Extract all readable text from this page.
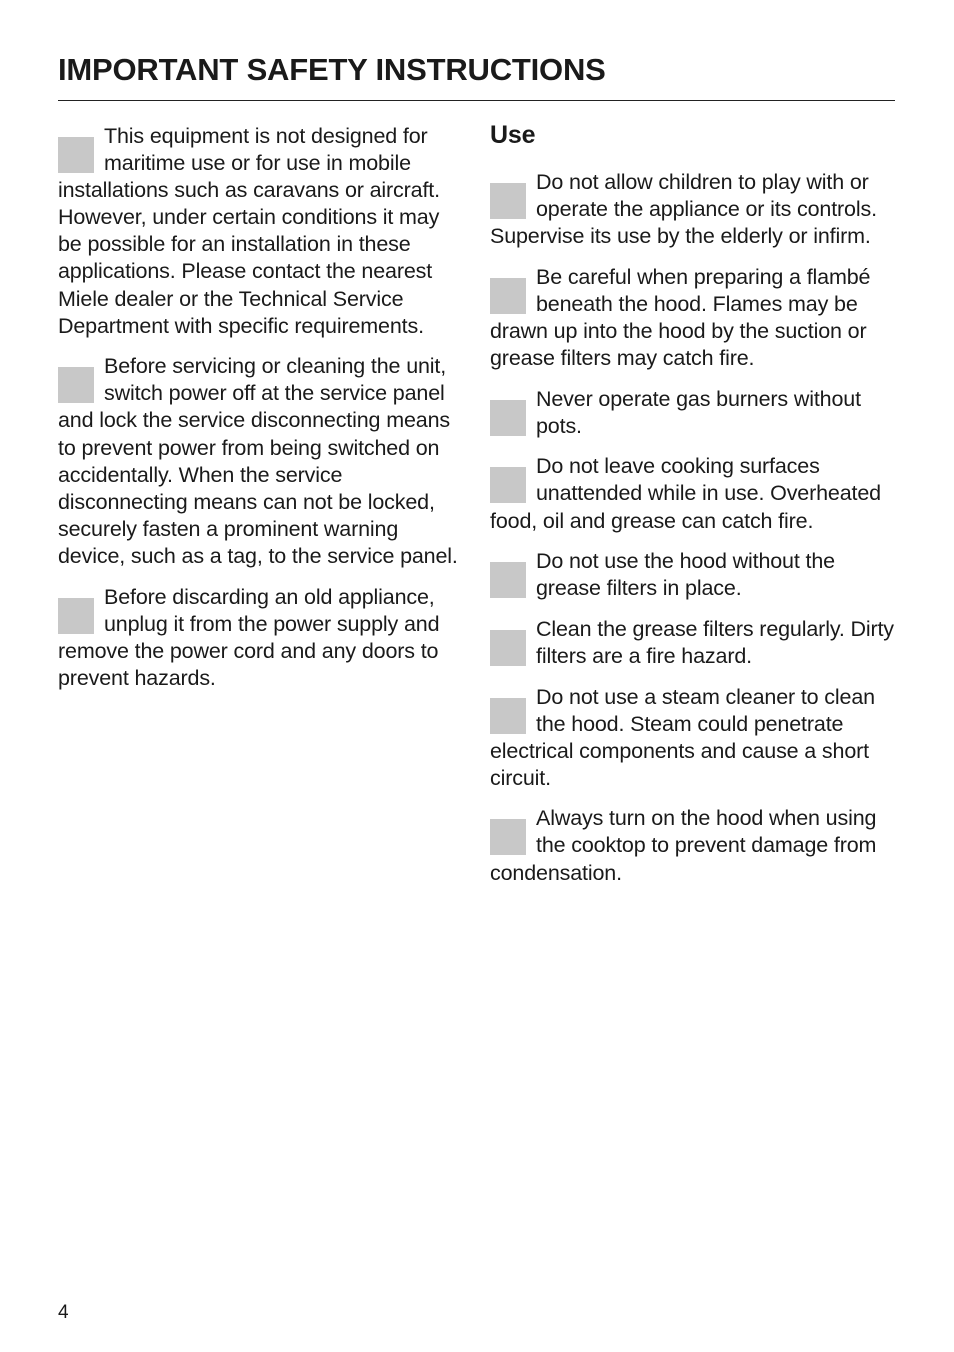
IMPORTANT SAFETY INSTRUCTIONS

This equipment is not designed for maritime use or for use in mobile installations such as caravans or aircraft. However, under certain conditions it may be possible for an installation in these applications. Please contact the nearest Miele dealer or the Technical Service Department with specific requirements.

Before servicing or cleaning the unit, switch power off at the service panel and lock the service disconnecting means to prevent power from being switched on accidentally. When the service disconnecting means can not be locked, securely fasten a prominent warning device, such as a tag, to the service panel.

Before discarding an old appliance, unplug it from the power supply and remove the power cord and any doors to prevent hazards.

Use

Do not allow children to play with or operate the appliance or its controls. Supervise its use by the elderly or infirm.

Be careful when preparing a flambé beneath the hood. Flames may be drawn up into the hood by the suction or grease filters may catch fire.

Never operate gas burners without pots.

Do not leave cooking surfaces unattended while in use. Overheated food, oil and grease can catch fire.

Do not use the hood without the grease filters in place.

Clean the grease filters regularly. Dirty filters are a fire hazard.

Do not use a steam cleaner to clean the hood. Steam could penetrate electrical components and cause a short circuit.

Always turn on the hood when using the cooktop to prevent damage from condensation.

4
